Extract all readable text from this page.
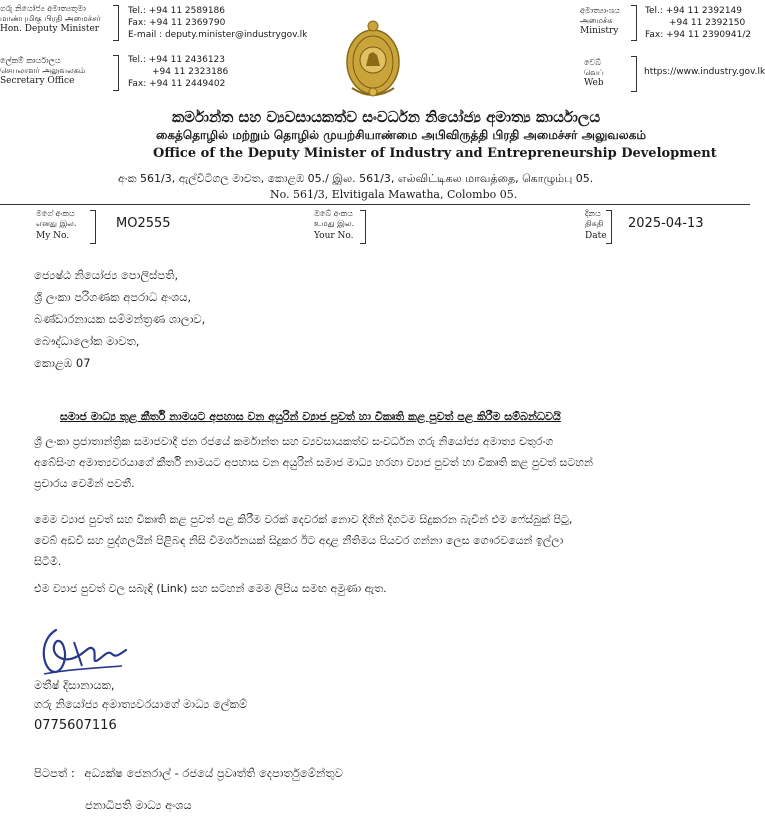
ගරු නියෝජ්‍ය අමාත්‍යතුමා
மாண்புமிகு பிரதி அமைச்சர்
Hon. Deputy Minister
Tel.: +94 11 2589186
Fax: +94 11 2369790
E-mail : deputy.minister@industrygov.lk
ලේකම් කාර්යාලය
செயலாளர் அலுவலகம்
Secretary Office
Tel.: +94 11 2436123
+94 11 2323186
Fax: +94 11 2449402
අමාත්‍යාංශය
அமைச்சு
Ministry
Tel.: +94 11 2392149
+94 11 2392150
Fax: +94 11 2390941/2
වෙබ්
வெப்
Web
https://www.industry.gov.lk
කර්මාන්ත සහ ව්‍යවසායකත්ව සංවර්ධන නියෝජ්‍ය අමාත්‍ය කාර්යාලය
கைத்தொழில் மற்றும் தொழில் முயற்சியாண்மை அபிவிருத்தி பிரதி அமைச்சர் அலுவலகம்
Office of the Deputy Minister of Industry and Entrepreneurship Development
අංක 561/3, ඇල්විටිගල මාවත, කොළඹ 05./ இல. 561/3, எல்விட்டிகல மாவத்தை, கொழும்பு 05.
No. 561/3, Elvitigala Mawatha, Colombo 05.
මගේ අංකය
எனது இல.
My No.
MO2555
ඔබේ අංකය
உமது இல.
Your No.
දිනය
திகதி
Date
2025-04-13
ජ්‍යෙෂ්ඨ නියෝජ්‍ය පොලිස්පති,
ශ්‍රී ලංකා පරිගණක අපරාධ අංශය,
බණ්ඩාරනායක සම්මන්ත්‍රණ ශාලාව,
බෞද්ධාලෝක මාවත,
කොළඹ 07
සමාජ මාධ්‍ය තුළ කීර්ති නාමයට අපහාස වන අයුරින් ව්‍යාජ පුවත් හා විකෘති කළ පුවත් පළ කිරීම සම්බන්ධවයි
ශ්‍රී ලංකා ප්‍රජාතාන්ත්‍රික සමාජවාදී ජන රජයේ කර්මාන්ත සහ ව්‍යවසායකත්ව සංවර්ධන ගරු නියෝජ්‍ය අමාත්‍ය චතුරංග
අබේසිංහ අමාත්‍යවරයාගේ කීර්ති නාමයට අපහාස වන අයුරින් සමාජ මාධ්‍ය හරහා ව්‍යාජ පුවත් හා විකෘති කළ පුවත් සටහන්
ප්‍රචාරය වෙමින් පවතී.
මෙම ව්‍යාජ පුවත් සහ විකෘති කළ පුවත් පළ කිරීම වරක් දෙවරක් නොව දිගින් දිගටම සිදුකරන බැවින් එම ෆේස්බුක් පිටු,
වෙබ් අඩවි සහ පුද්ගලයින් පිළිබඳ නිසි විමර්ශනයක් සිදුකර ඊට අදාළ නීතිමය පියවර ගන්නා ලෙස ගෞරවයෙන් ඉල්ලා
සිටිමි.
එම ව්‍යාජ පුවත් වල සබැඳි (Link) සහ සටහන් මෙම ලිපිය සමඟ අමුණා ඇත.
මතීෂ් දිසානායක,
ගරු නියෝජ්‍ය අමාත්‍යවරයාගේ මාධ්‍ය ලේකම්
0775607116
පිටපත් : අධ්‍යක්ෂ ජෙනරාල් - රජයේ ප්‍රවෘත්ති දෙපාර්තුමේන්තුව
ජනාධිපති මාධ්‍ය අංශය
